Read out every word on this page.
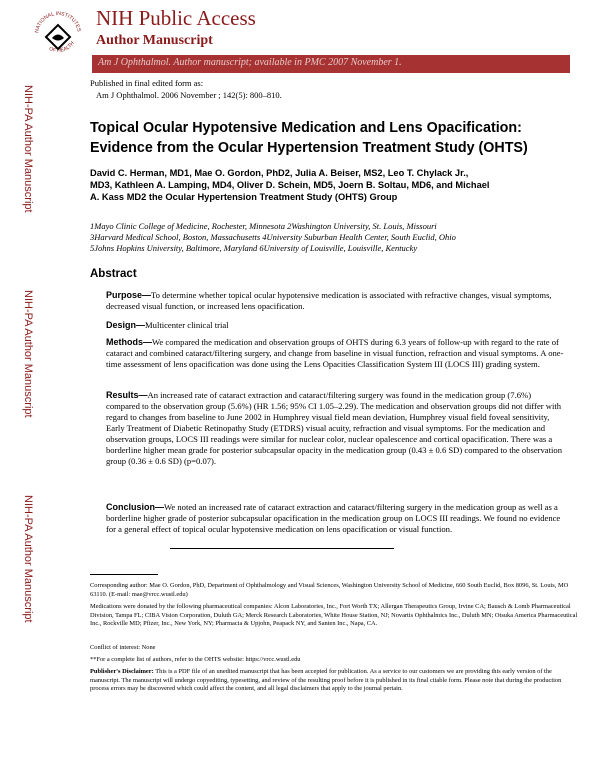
NATIONAL INSTITUTES
OF HEALTH
NIH Public Access
Author Manuscript
Am J Ophthalmol. Author manuscript; available in PMC 2007 November 1.
Published in final edited form as:
Am J Ophthalmol. 2006 November ; 142(5): 800–810.
NIH-PA Author Manuscript
NIH-PA Author Manuscript
NIH-PA Author Manuscript
Topical Ocular Hypotensive Medication and Lens Opacification:
Evidence from the Ocular Hypertension Treatment Study (OHTS)
David C. Herman, MD1, Mae O. Gordon, PhD2, Julia A. Beiser, MS2, Leo T. Chylack Jr.,
MD3, Kathleen A. Lamping, MD4, Oliver D. Schein, MD5, Joern B. Soltau, MD6, and Michael
A. Kass MD2 the Ocular Hypertension Treatment Study (OHTS) Group
1Mayo Clinic College of Medicine, Rochester, Minnesota 2Washington University, St. Louis, Missouri
3Harvard Medical School, Boston, Massachusetts 4University Suburban Health Center, South Euclid, Ohio
5Johns Hopkins University, Baltimore, Maryland 6University of Louisville, Louisville, Kentucky
Abstract
Purpose—To determine whether topical ocular hypotensive medication is associated with refractive changes, visual symptoms, decreased visual function, or increased lens opacification.
Design—Multicenter clinical trial
Methods—We compared the medication and observation groups of OHTS during 6.3 years of follow-up with regard to the rate of cataract and combined cataract/filtering surgery, and change from baseline in visual function, refraction and visual symptoms. A one-time assessment of lens opacification was done using the Lens Opacities Classification System III (LOCS III) grading system.
Results—An increased rate of cataract extraction and cataract/filtering surgery was found in the medication group (7.6%) compared to the observation group (5.6%) (HR 1.56; 95% CI 1.05–2.29). The medication and observation groups did not differ with regard to changes from baseline to June 2002 in Humphrey visual field mean deviation, Humphrey visual field foveal sensitivity, Early Treatment of Diabetic Retinopathy Study (ETDRS) visual acuity, refraction and visual symptoms. For the medication and observation groups, LOCS III readings were similar for nuclear color, nuclear opalescence and cortical opacification. There was a borderline higher mean grade for posterior subcapsular opacity in the medication group (0.43 ± 0.6 SD) compared to the observation group (0.36 ± 0.6 SD) (p=0.07).
Conclusion—We noted an increased rate of cataract extraction and cataract/filtering surgery in the medication group as well as a borderline higher grade of posterior subcapsular opacification in the medication group on LOCS III readings. We found no evidence for a general effect of topical ocular hypotensive medication on lens opacification or visual function.
Corresponding author: Mae O. Gordon, PhD, Department of Ophthalmology and Visual Sciences, Washington University School of Medicine, 660 South Euclid, Box 8096, St. Louis, MO 63110. (E-mail: mae@vrcc.wustl.edu)
Medications were donated by the following pharmaceutical companies: Alcon Laboratories, Inc., Fort Worth TX; Allergan Therapeutics Group, Irvine CA; Bausch & Lomb Pharmaceutical Division, Tampa FL; CIBA Vision Corporation, Duluth GA; Merck Research Laboratories, White House Station, NJ; Novartis Ophthalmics Inc., Duluth MN; Otsuka America Pharmaceutical Inc., Rockville MD; Pfizer, Inc., New York, NY; Pharmacia & Upjohn, Peapack NY, and Santen Inc., Napa, CA.
Conflict of interest: None
**For a complete list of authors, refer to the OHTS website: https://vrcc.wustl.edu
Publisher's Disclaimer: This is a PDF file of an unedited manuscript that has been accepted for publication. As a service to our customers we are providing this early version of the manuscript. The manuscript will undergo copyediting, typesetting, and review of the resulting proof before it is published in its final citable form. Please note that during the production process errors may be discovered which could affect the content, and all legal disclaimers that apply to the journal pertain.
